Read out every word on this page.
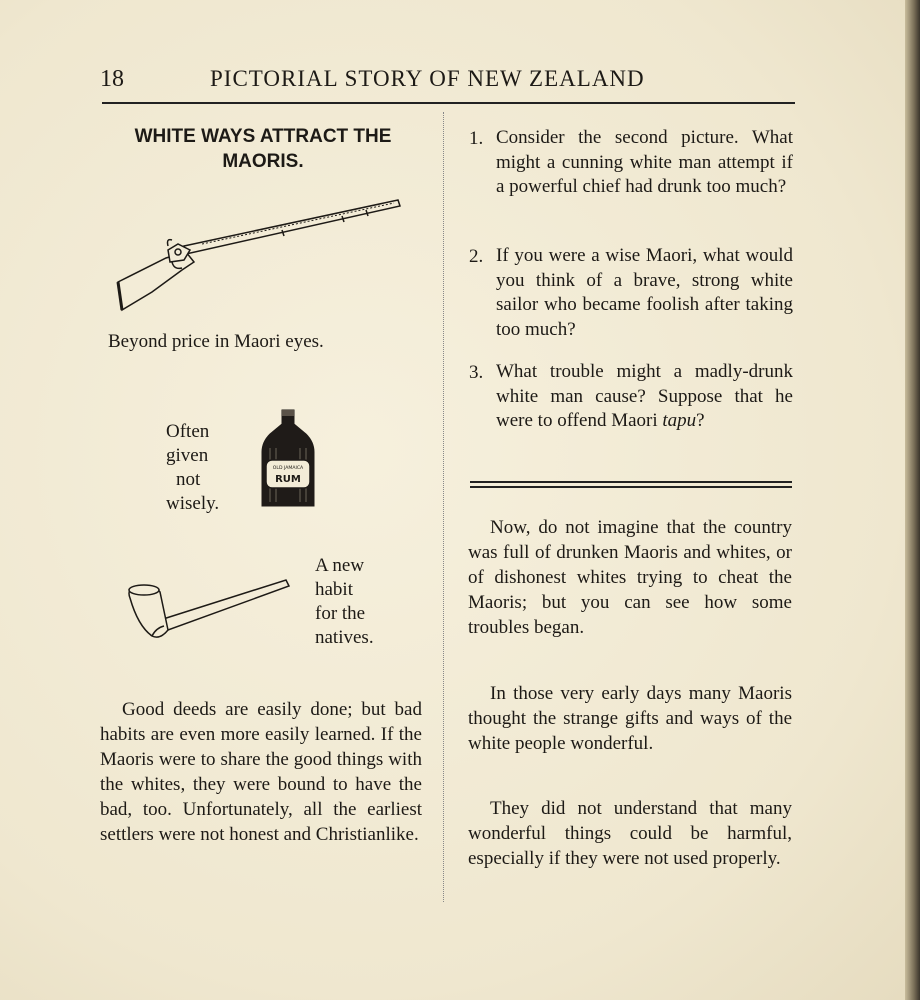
18	PICTORIAL STORY OF NEW ZEALAND
WHITE WAYS ATTRACT THE MAORIS.
Beyond price in Maori eyes.
Often
given
not
wisely.
OLD JAMAICA
RUM
A new
habit
for the
natives.

Good deeds are easily done; but bad habits are even more easily learned. If the Maoris were to share the good things with the whites, they were bound to have the bad, too. Unfortunately, all the earliest settlers were not honest and Christianlike.

1. Consider the second picture. What might a cunning white man attempt if a powerful chief had drunk too much?
2. If you were a wise Maori, what would you think of a brave, strong white sailor who became foolish after taking too much?
3. What trouble might a madly-drunk white man cause? Suppose that he were to offend Maori tapu?

Now, do not imagine that the country was full of drunken Maoris and whites, or of dishonest whites trying to cheat the Maoris; but you can see how some troubles began.

In those very early days many Maoris thought the strange gifts and ways of the white people wonderful.

They did not understand that many wonderful things could be harmful, especially if they were not used properly.
